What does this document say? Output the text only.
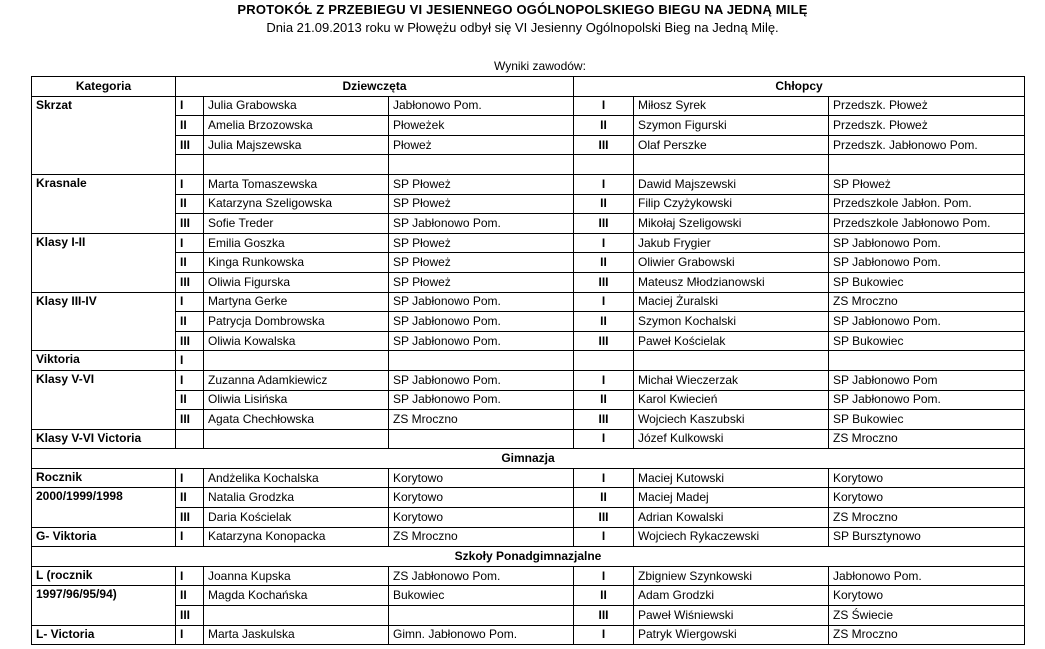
PROTOKÓŁ Z PRZEBIEGU VI JESIENNEGO OGÓLNOPOLSKIEGO BIEGU NA JEDNĄ MILĘ
Dnia 21.09.2013 roku w Płowężu odbył się VI Jesienny Ogólnopolski Bieg na Jedną Milę.
Wyniki zawodów:
Kategoria	Dziewczęta			Chłopcy		
Skrzat	I	Julia Grabowska	Jabłonowo Pom.	I	Miłosz Syrek	Przedszk. Płoweż
	II	Amelia Brzozowska	Płoweżek	II	Szymon Figurski	Przedszk. Płoweż
	III	Julia Majszewska	Płoweż	III	Olaf Perszke	Przedszk. Jabłonowo Pom.

Krasnale	I	Marta Tomaszewska	SP Płoweż	I	Dawid Majszewski	SP Płoweż
	II	Katarzyna Szeligowska	SP Płoweż	II	Filip Czyżykowski	Przedszkole Jabłon. Pom.
	III	Sofie Treder	SP Jabłonowo Pom.	III	Mikołaj Szeligowski	Przedszkole Jabłonowo Pom.
Klasy I-II	I	Emilia Goszka	SP Płoweż	I	Jakub Frygier	SP Jabłonowo Pom.
	II	Kinga Runkowska	SP Płoweż	II	Oliwier Grabowski	SP Jabłonowo Pom.
	III	Oliwia Figurska	SP Płoweż	III	Mateusz Młodzianowski	SP Bukowiec
Klasy III-IV	I	Martyna Gerke	SP Jabłonowo Pom.	I	Maciej Żuralski	ZS Mroczno
	II	Patrycja Dombrowska	SP Jabłonowo Pom.	II	Szymon Kochalski	SP Jabłonowo Pom.
	III	Oliwia Kowalska	SP Jabłonowo Pom.	III	Paweł Kościelak	SP Bukowiec
Viktoria	I					
Klasy V-VI	I	Zuzanna Adamkiewicz	SP Jabłonowo Pom.	I	Michał Wieczerzak	SP Jabłonowo Pom
	II	Oliwia Lisińska	SP Jabłonowo Pom.	II	Karol Kwiecień	SP Jabłonowo Pom.
	III	Agata Chechłowska	ZS Mroczno	III	Wojciech Kaszubski	SP Bukowiec
Klasy V-VI Victoria				I	Józef Kulkowski	ZS Mroczno
Gimnazja						
Rocznik	I	Andżelika Kochalska	Korytowo	I	Maciej Kutowski	Korytowo
2000/1999/1998	II	Natalia Grodzka	Korytowo	II	Maciej Madej	Korytowo
	III	Daria Kościelak	Korytowo	III	Adrian Kowalski	ZS Mroczno
G- Viktoria	I	Katarzyna Konopacka	ZS Mroczno	I	Wojciech Rykaczewski	SP Bursztynowo
Szkoły Ponadgimnazjalne						
L (rocznik	I	Joanna Kupska	ZS Jabłonowo Pom.	I	Zbigniew Szynkowski	Jabłonowo Pom.
1997/96/95/94)	II	Magda Kochańska	Bukowiec	II	Adam Grodzki	Korytowo
	III			III	Paweł Wiśniewski	ZS Świecie
L- Victoria	I	Marta Jaskulska	Gimn. Jabłonowo Pom.	I	Patryk Wiergowski	ZS Mroczno
